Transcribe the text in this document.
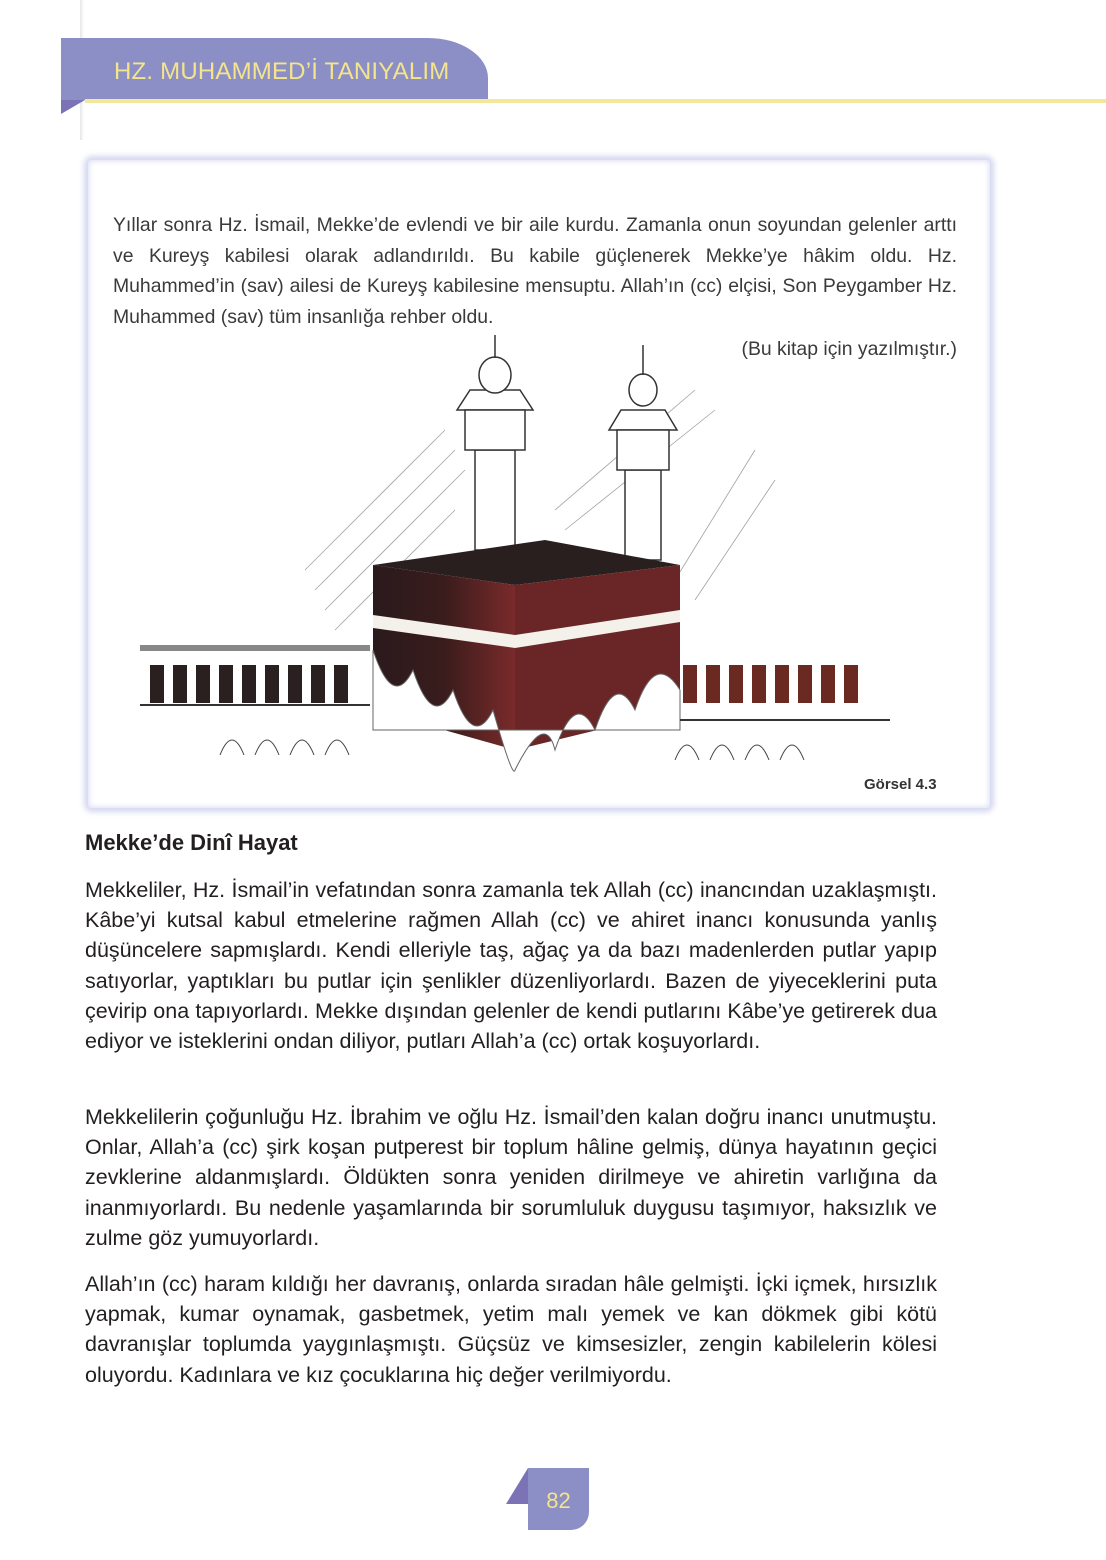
HZ. MUHAMMED’İ TANIYALIM
Yıllar sonra Hz. İsmail, Mekke’de evlendi ve bir aile kurdu. Zamanla onun soyundan gelenler arttı ve Kureyş kabilesi olarak adlandırıldı. Bu kabile güçlenerek Mekke’ye hâkim oldu. Hz. Muhammed’in (sav) ailesi de Kureyş kabilesine mensuptu. Allah’ın (cc) elçisi, Son Peygamber Hz. Muhammed (sav) tüm insanlığa rehber oldu.
(Bu kitap için yazılmıştır.)
Görsel 4.3
Mekke’de Dinî Hayat

Mekkeliler, Hz. İsmail’in vefatından sonra zamanla tek Allah (cc) inancından uzaklaşmıştı. Kâbe’yi kutsal kabul etmelerine rağmen Allah (cc) ve ahiret inancı konusunda yanlış düşüncelere sapmışlardı. Kendi elleriyle taş, ağaç ya da bazı madenlerden putlar yapıp satıyorlar, yaptıkları bu putlar için şenlikler düzenliyorlardı. Bazen de yiyeceklerini puta çevirip ona tapıyorlardı. Mekke dışından gelenler de kendi putlarını Kâbe’ye getirerek dua ediyor ve isteklerini ondan diliyor, putları Allah’a (cc) ortak koşuyorlardı.

Mekkelilerin çoğunluğu Hz. İbrahim ve oğlu Hz. İsmail’den kalan doğru inancı unutmuştu. Onlar, Allah’a (cc) şirk koşan putperest bir toplum hâline gelmiş, dünya hayatının geçici zevklerine aldanmışlardı. Öldükten sonra yeniden dirilmeye ve ahiretin varlığına da inanmıyorlardı. Bu nedenle yaşamlarında bir sorumluluk duygusu taşımıyor, haksızlık ve zulme göz yumuyorlardı.

Allah’ın (cc) haram kıldığı her davranış, onlarda sıradan hâle gelmişti. İçki içmek, hırsızlık yapmak, kumar oynamak, gasbetmek, yetim malı yemek ve kan dökmek gibi kötü davranışlar toplumda yaygınlaşmıştı. Güçsüz ve kimsesizler, zengin kabilelerin kölesi oluyordu. Kadınlara ve kız çocuklarına hiç değer verilmiyordu.

82
